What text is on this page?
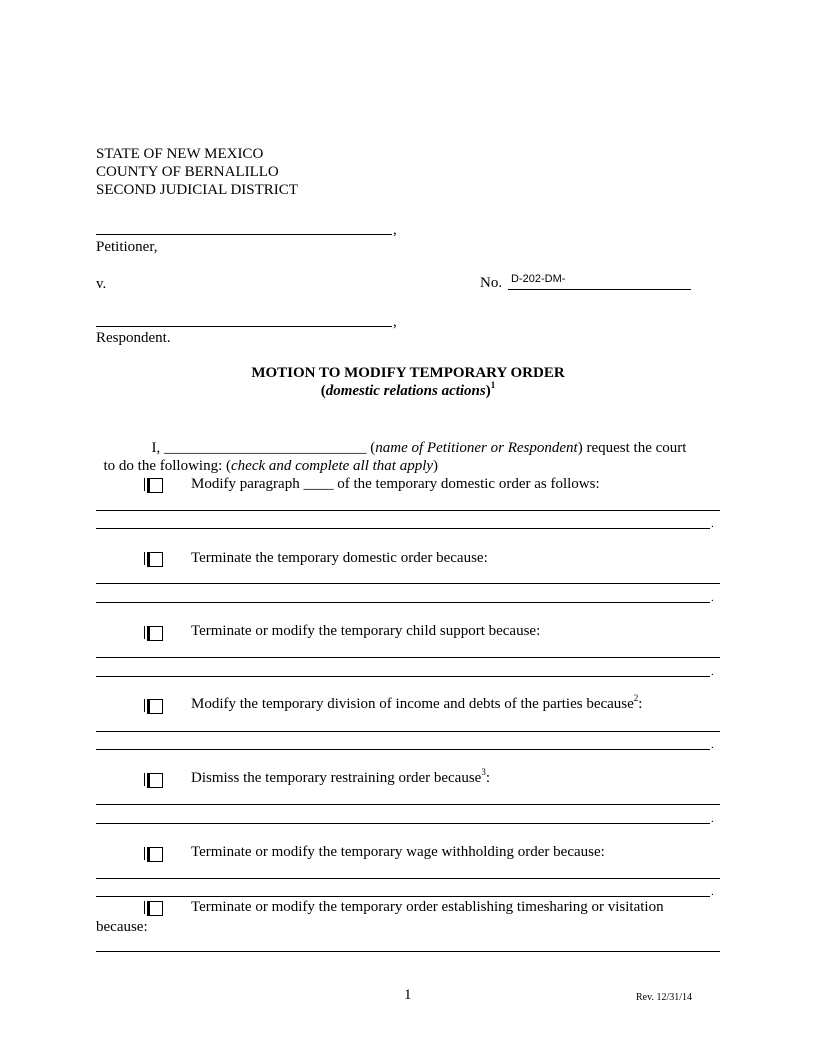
STATE OF NEW MEXICO
COUNTY OF BERNALILLO
SECOND JUDICIAL DISTRICT
,
Petitioner,
v.	No. D-202-DM-
,
Respondent.
MOTION TO MODIFY TEMPORARY ORDER
(domestic relations actions)$^1$

I, ___________________________ (name of Petitioner or Respondent) request the court

to do the following: (check and complete all that apply)

Modify paragraph ____ of the temporary domestic order as follows:
.
Terminate the temporary domestic order because:
.
Terminate or modify the temporary child support because:
.
Modify the temporary division of income and debts of the parties because$^2$:
.
Dismiss the temporary restraining order because$^3$:
.
Terminate or modify the temporary wage withholding order because:
.
Terminate or modify the temporary order establishing timesharing or visitation
because:
1	Rev. 12/31/14
